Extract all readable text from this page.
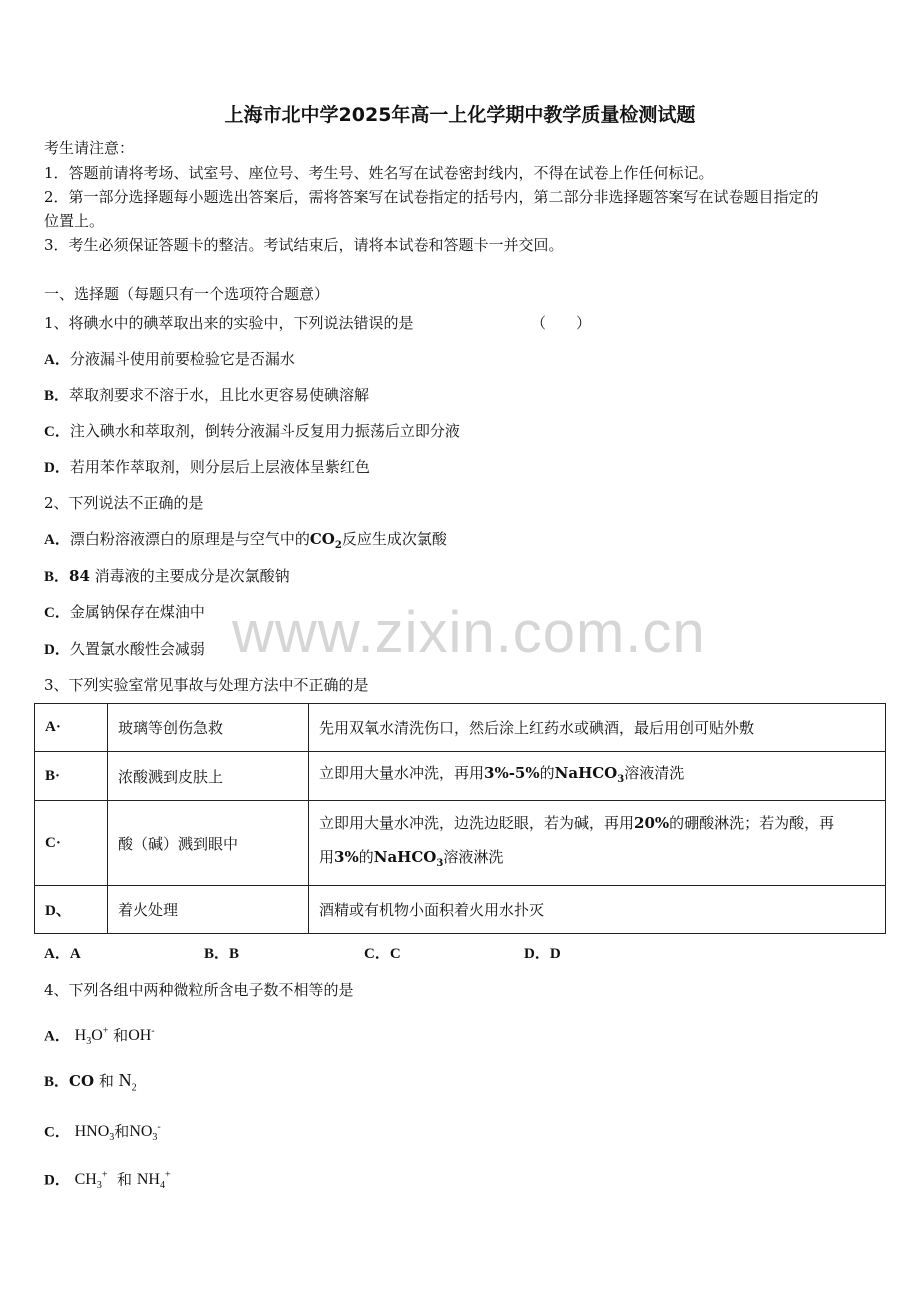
上海市北中学2025年高一上化学期中教学质量检测试题
考生请注意：
1．答题前请将考场、试室号、座位号、考生号、姓名写在试卷密封线内，不得在试卷上作任何标记。
2．第一部分选择题每小题选出答案后，需将答案写在试卷指定的括号内，第二部分非选择题答案写在试卷题目指定的
位置上。
3．考生必须保证答题卡的整洁。考试结束后，请将本试卷和答题卡一并交回。
一、选择题（每题只有一个选项符合题意）
1、将碘水中的碘萃取出来的实验中，下列说法错误的是	（　　）
A．分液漏斗使用前要检验它是否漏水
B．萃取剂要求不溶于水，且比水更容易使碘溶解
C．注入碘水和萃取剂，倒转分液漏斗反复用力振荡后立即分液
D．若用苯作萃取剂，则分层后上层液体呈紫红色
2、下列说法不正确的是
A．漂白粉溶液漂白的原理是与空气中的$CO_2$反应生成次氯酸
B．84 消毒液的主要成分是次氯酸钠
C．金属钠保存在煤油中
D．久置氯水酸性会减弱 www.zixin.com.cn
3、下列实验室常见事故与处理方法中不正确的是
A·	玻璃等创伤急救	先用双氧水清洗伤口，然后涂上红药水或碘酒，最后用创可贴外敷
B·	浓酸溅到皮肤上	立即用大量水冲洗，再用3%-5%的NaHCO$_3$溶液清洗
C·	酸（碱）溅到眼中	立即用大量水冲洗，边洗边眨眼，若为碱，再用20%的硼酸淋洗；若为酸，再
用3%的NaHCO$_3$溶液淋洗
D、	着火处理	酒精或有机物小面积着火用水扑灭
A．A	B．B	C．C	D．D
4、下列各组中两种微粒所含电子数不相等的是
A． $H_3O^+$ 和OH-
B．CO 和 $N_2$
C． $HNO_3$和$NO_3^-$
D． $CH_3^+$ 和 $NH_4^+$
